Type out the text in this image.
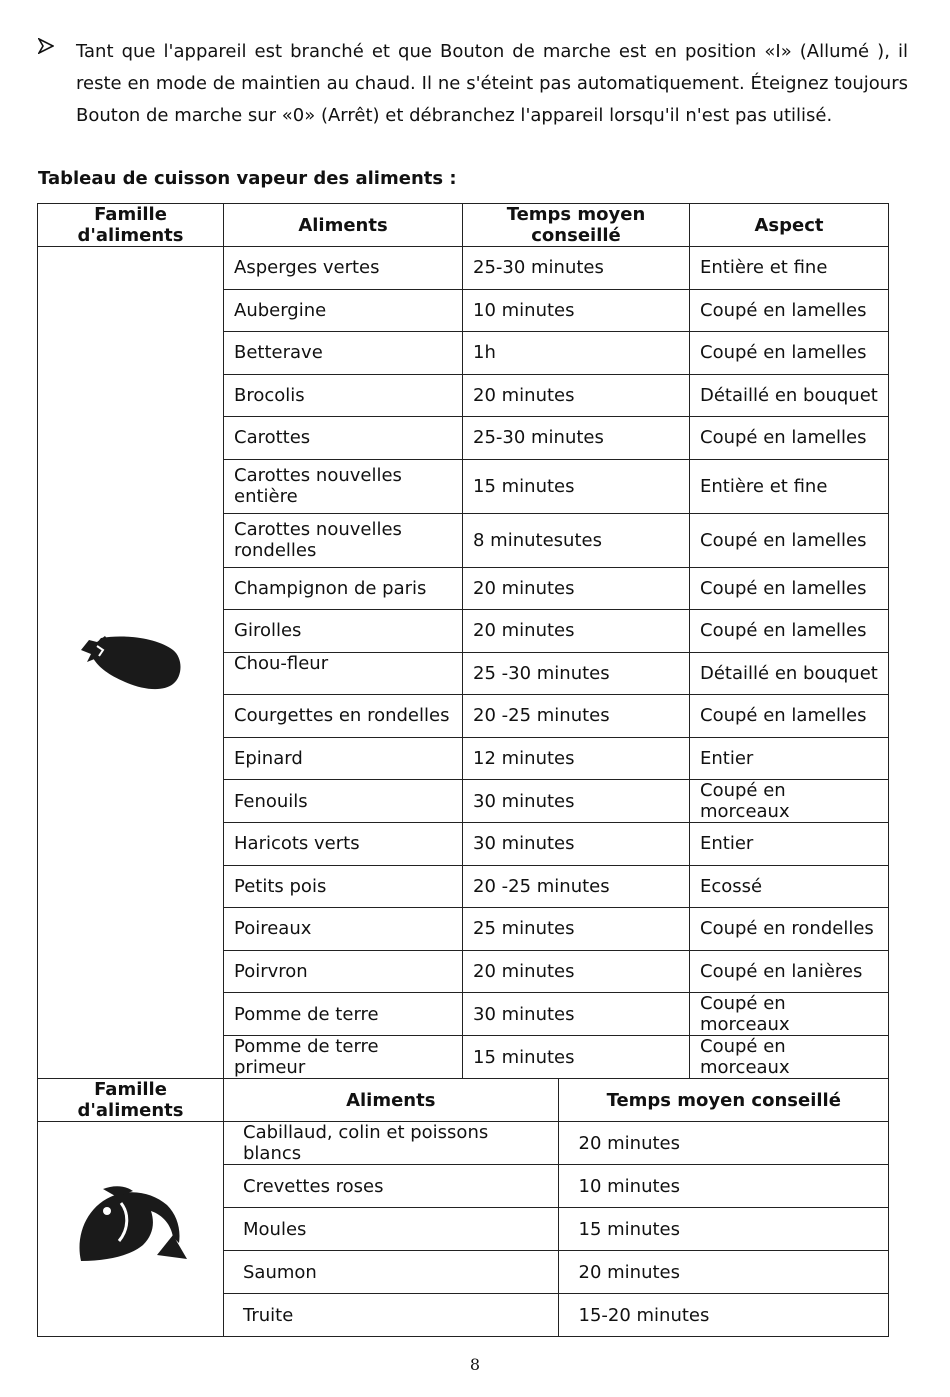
Tant que l'appareil est branché et que Bouton de marche est en position «I» (Allumé ), il reste en mode de maintien au chaud. Il ne s'éteint pas automatiquement. Éteignez toujours Bouton de marche sur «0» (Arrêt) et débranchez l'appareil lorsqu'il n'est pas utilisé.
Tableau de cuisson vapeur des aliments :
Famille d'aliments	Aliments	Temps moyen conseillé	Aspect
	Asperges vertes	25-30 minutes	Entière et fine
Aubergine	10 minutes	Coupé en lamelles
Betterave	1h	Coupé en lamelles
Brocolis	20 minutes	Détaillé en bouquet
Carottes	25-30 minutes	Coupé en lamelles
Carottes nouvelles entière	15 minutes	Entière et fine
Carottes nouvelles rondelles	8 minutesutes	Coupé en lamelles
Champignon de paris	20 minutes	Coupé en lamelles
Girolles	20 minutes	Coupé en lamelles
Chou-fleur	25 -30 minutes	Détaillé en bouquet
Courgettes en rondelles	20 -25 minutes	Coupé en lamelles
Epinard	12 minutes	Entier
Fenouils	30 minutes	Coupé en morceaux
Haricots verts	30 minutes	Entier
Petits pois	20 -25 minutes	Ecossé
Poireaux	25 minutes	Coupé en rondelles
Poirvron	20 minutes	Coupé en lanières
Pomme de terre	30 minutes	Coupé en morceaux
Pomme de terre primeur	15 minutes	Coupé en morceaux
Famille d'aliments		Aliments	Temps moyen conseillé

Cabillaud, colin et poissons blancs	20 minutes

Crevettes roses	10 minutes

Moules	15 minutes

Saumon	20 minutes

Truite	15-20 minutes
8
